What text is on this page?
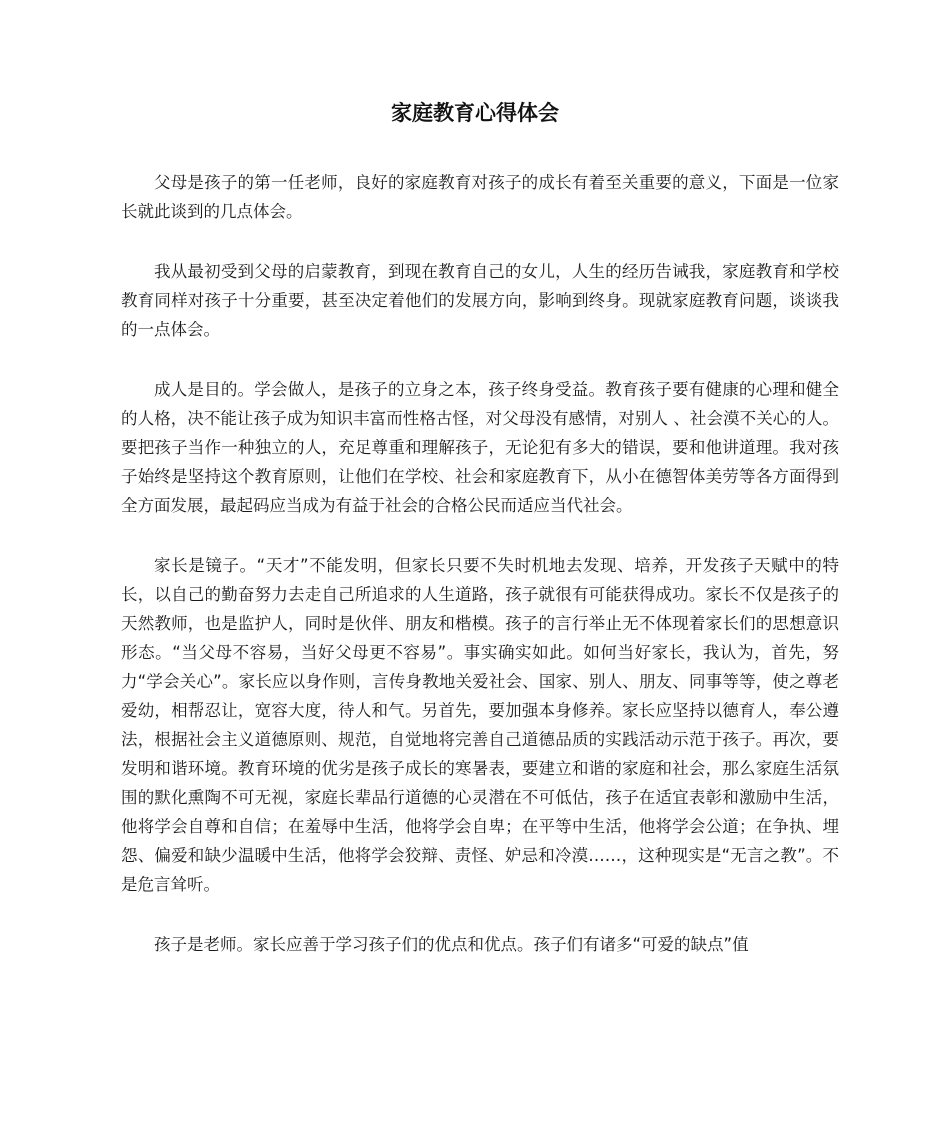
家庭教育心得体会

父母是孩子的第一任老师，良好的家庭教育对孩子的成长有着至关重要的意义，下面是一位家长就此谈到的几点体会。

我从最初受到父母的启蒙教育，到现在教育自己的女儿，人生的经历告诫我，家庭教育和学校教育同样对孩子十分重要，甚至决定着他们的发展方向，影响到终身。现就家庭教育问题，谈谈我的一点体会。

成人是目的。学会做人，是孩子的立身之本，孩子终身受益。教育孩子要有健康的心理和健全的人格，决不能让孩子成为知识丰富而性格古怪，对父母没有感情，对别人 、社会漠不关心的人。要把孩子当作一种独立的人，充足尊重和理解孩子，无论犯有多大的错误，要和他讲道理。我对孩子始终是坚持这个教育原则，让他们在学校、社会和家庭教育下，从小在德智体美劳等各方面得到全方面发展，最起码应当成为有益于社会的合格公民而适应当代社会。

家长是镜子。“天才”不能发明，但家长只要不失时机地去发现、培养，开发孩子天赋中的特长，以自己的勤奋努力去走自己所追求的人生道路，孩子就很有可能获得成功。家长不仅是孩子的天然教师，也是监护人，同时是伙伴、朋友和楷模。孩子的言行举止无不体现着家长们的思想意识形态。“当父母不容易，当好父母更不容易”。事实确实如此。如何当好家长，我认为，首先，努力“学会关心”。家长应以身作则，言传身教地关爱社会、国家、别人、朋友、同事等等，使之尊老爱幼，相帮忍让，宽容大度，待人和气。另首先，要加强本身修养。家长应坚持以德育人，奉公遵法，根据社会主义道德原则、规范，自觉地将完善自己道德品质的实践活动示范于孩子。再次，要发明和谐环境。教育环境的优劣是孩子成长的寒暑表，要建立和谐的家庭和社会，那么家庭生活氛围的默化熏陶不可无视，家庭长辈品行道德的心灵潜在不可低估，孩子在适宜表彰和激励中生活，他将学会自尊和自信；在羞辱中生活，他将学会自卑；在平等中生活，他将学会公道；在争执、埋怨、偏爱和缺少温暖中生活，他将学会狡辩、责怪、妒忌和冷漠……，这种现实是“无言之教”。不是危言耸听。

孩子是老师。家长应善于学习孩子们的优点和优点。孩子们有诸多“可爱的缺点”值
